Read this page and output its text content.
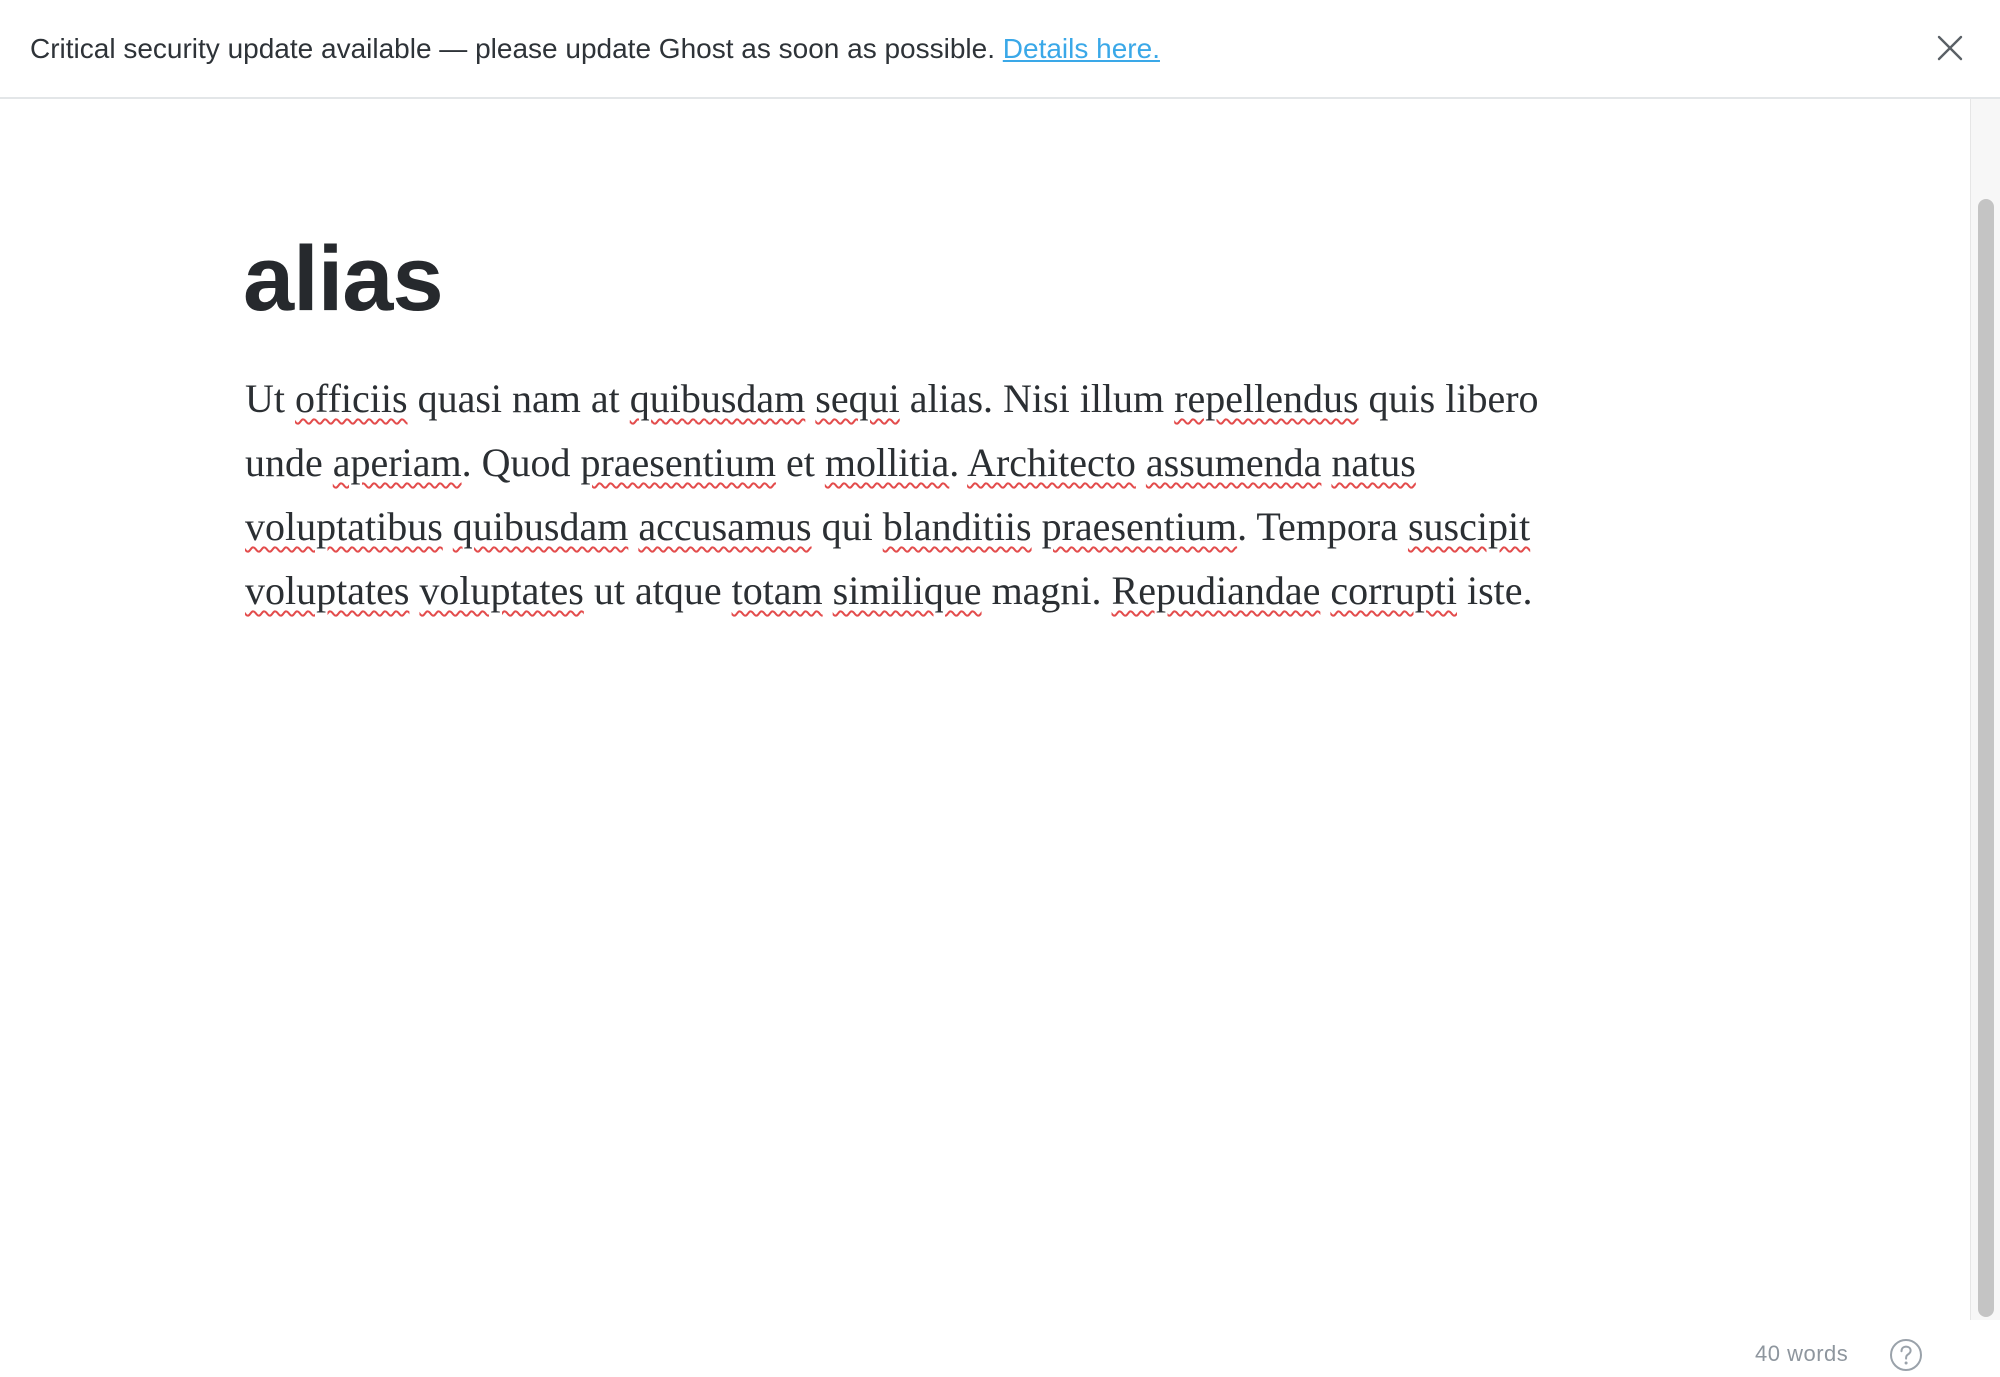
Critical security update available — please update Ghost as soon as possible. Details here.
alias
Ut officiis quasi nam at quibusdam sequi alias. Nisi illum repellendus quis libero
unde aperiam. Quod praesentium et mollitia. Architecto assumenda natus
voluptatibus quibusdam accusamus qui blanditiis praesentium. Tempora suscipit
voluptates voluptates ut atque totam similique magni. Repudiandae corrupti iste.
40 words
